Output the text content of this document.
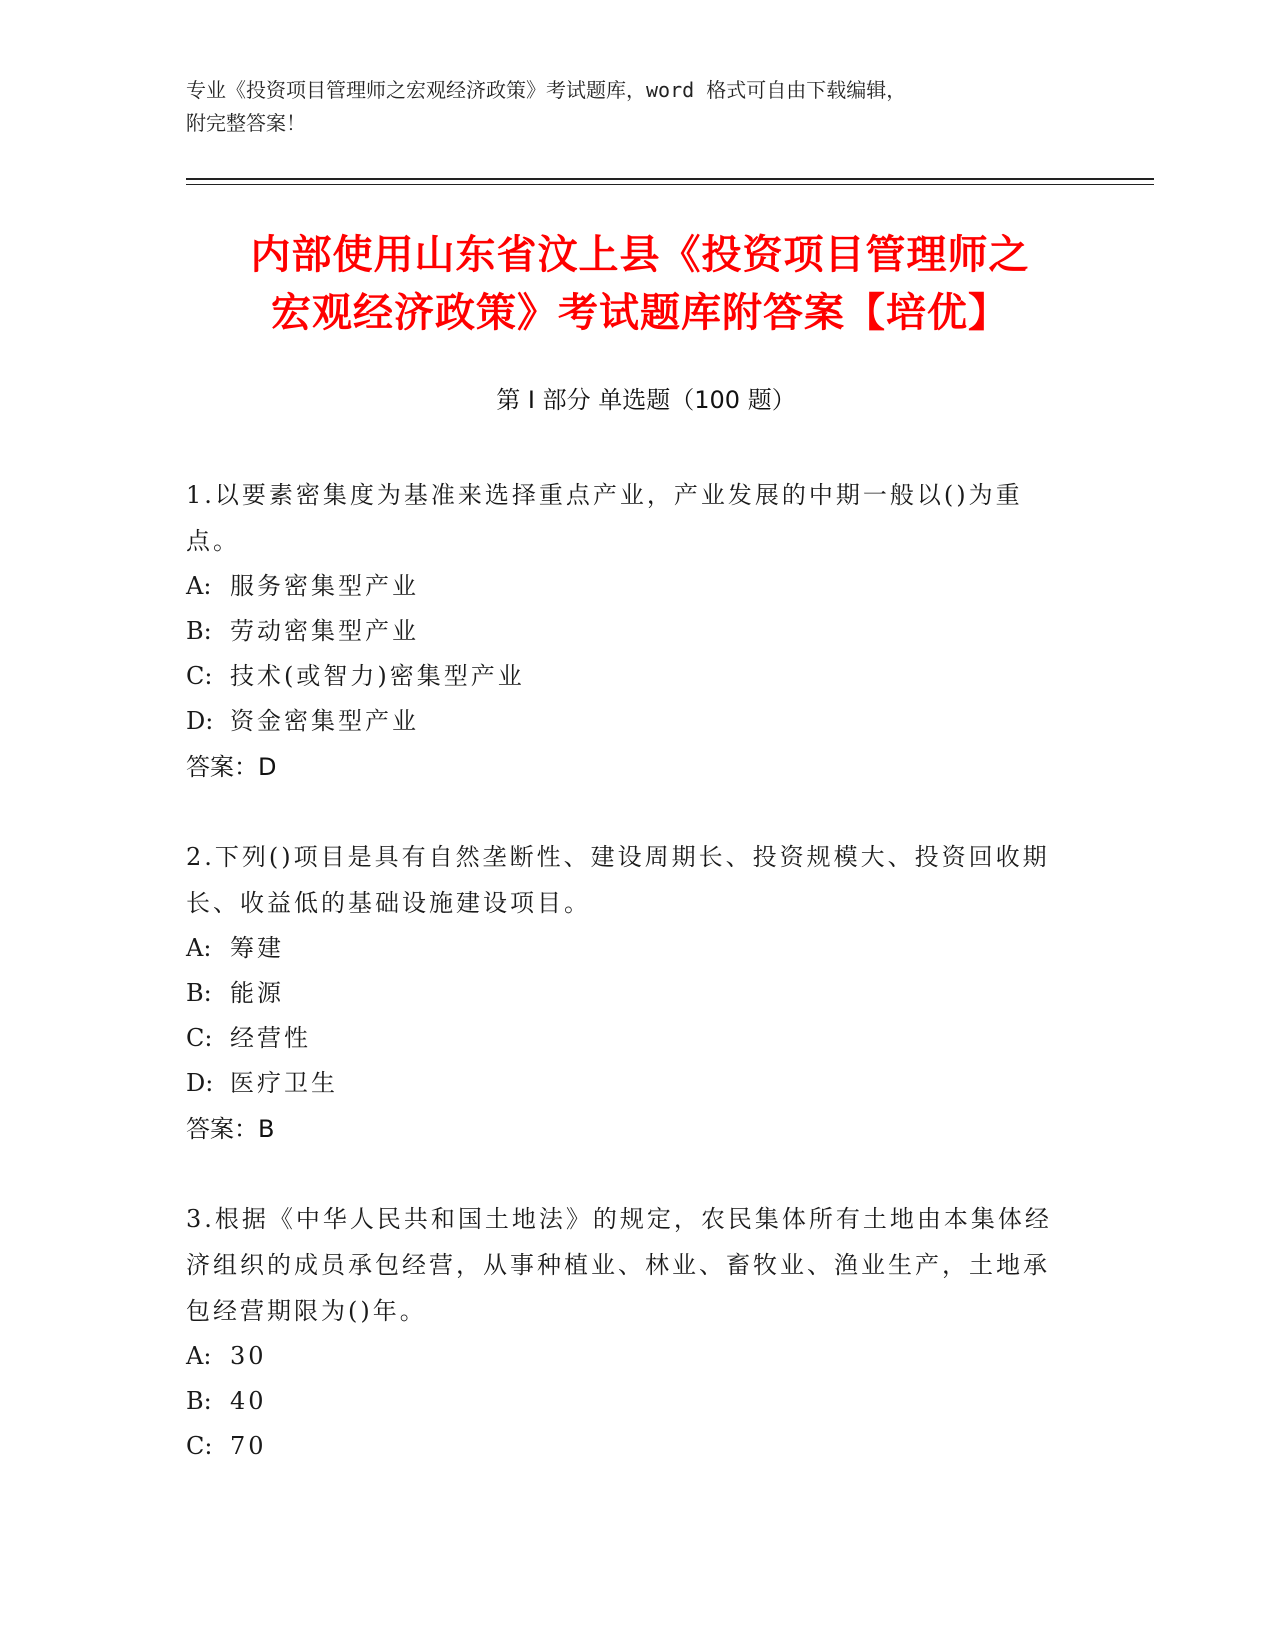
专业《投资项目管理师之宏观经济政策》考试题库，word 格式可自由下载编辑，
附完整答案！
内部使用山东省汶上县《投资项目管理师之
宏观经济政策》考试题库附答案【培优】
第 I 部分 单选题（100 题）
1.以要素密集度为基准来选择重点产业，产业发展的中期一般以()为重点。
A: 服务密集型产业
B: 劳动密集型产业
C: 技术(或智力)密集型产业
D: 资金密集型产业
答案：D
2.下列()项目是具有自然垄断性、建设周期长、投资规模大、投资回收期长、收益低的基础设施建设项目。
A: 筹建
B: 能源
C: 经营性
D: 医疗卫生
答案：B
3.根据《中华人民共和国土地法》的规定，农民集体所有土地由本集体经济组织的成员承包经营，从事种植业、林业、畜牧业、渔业生产，土地承包经营期限为()年。
A: 30
B: 40
C: 70
